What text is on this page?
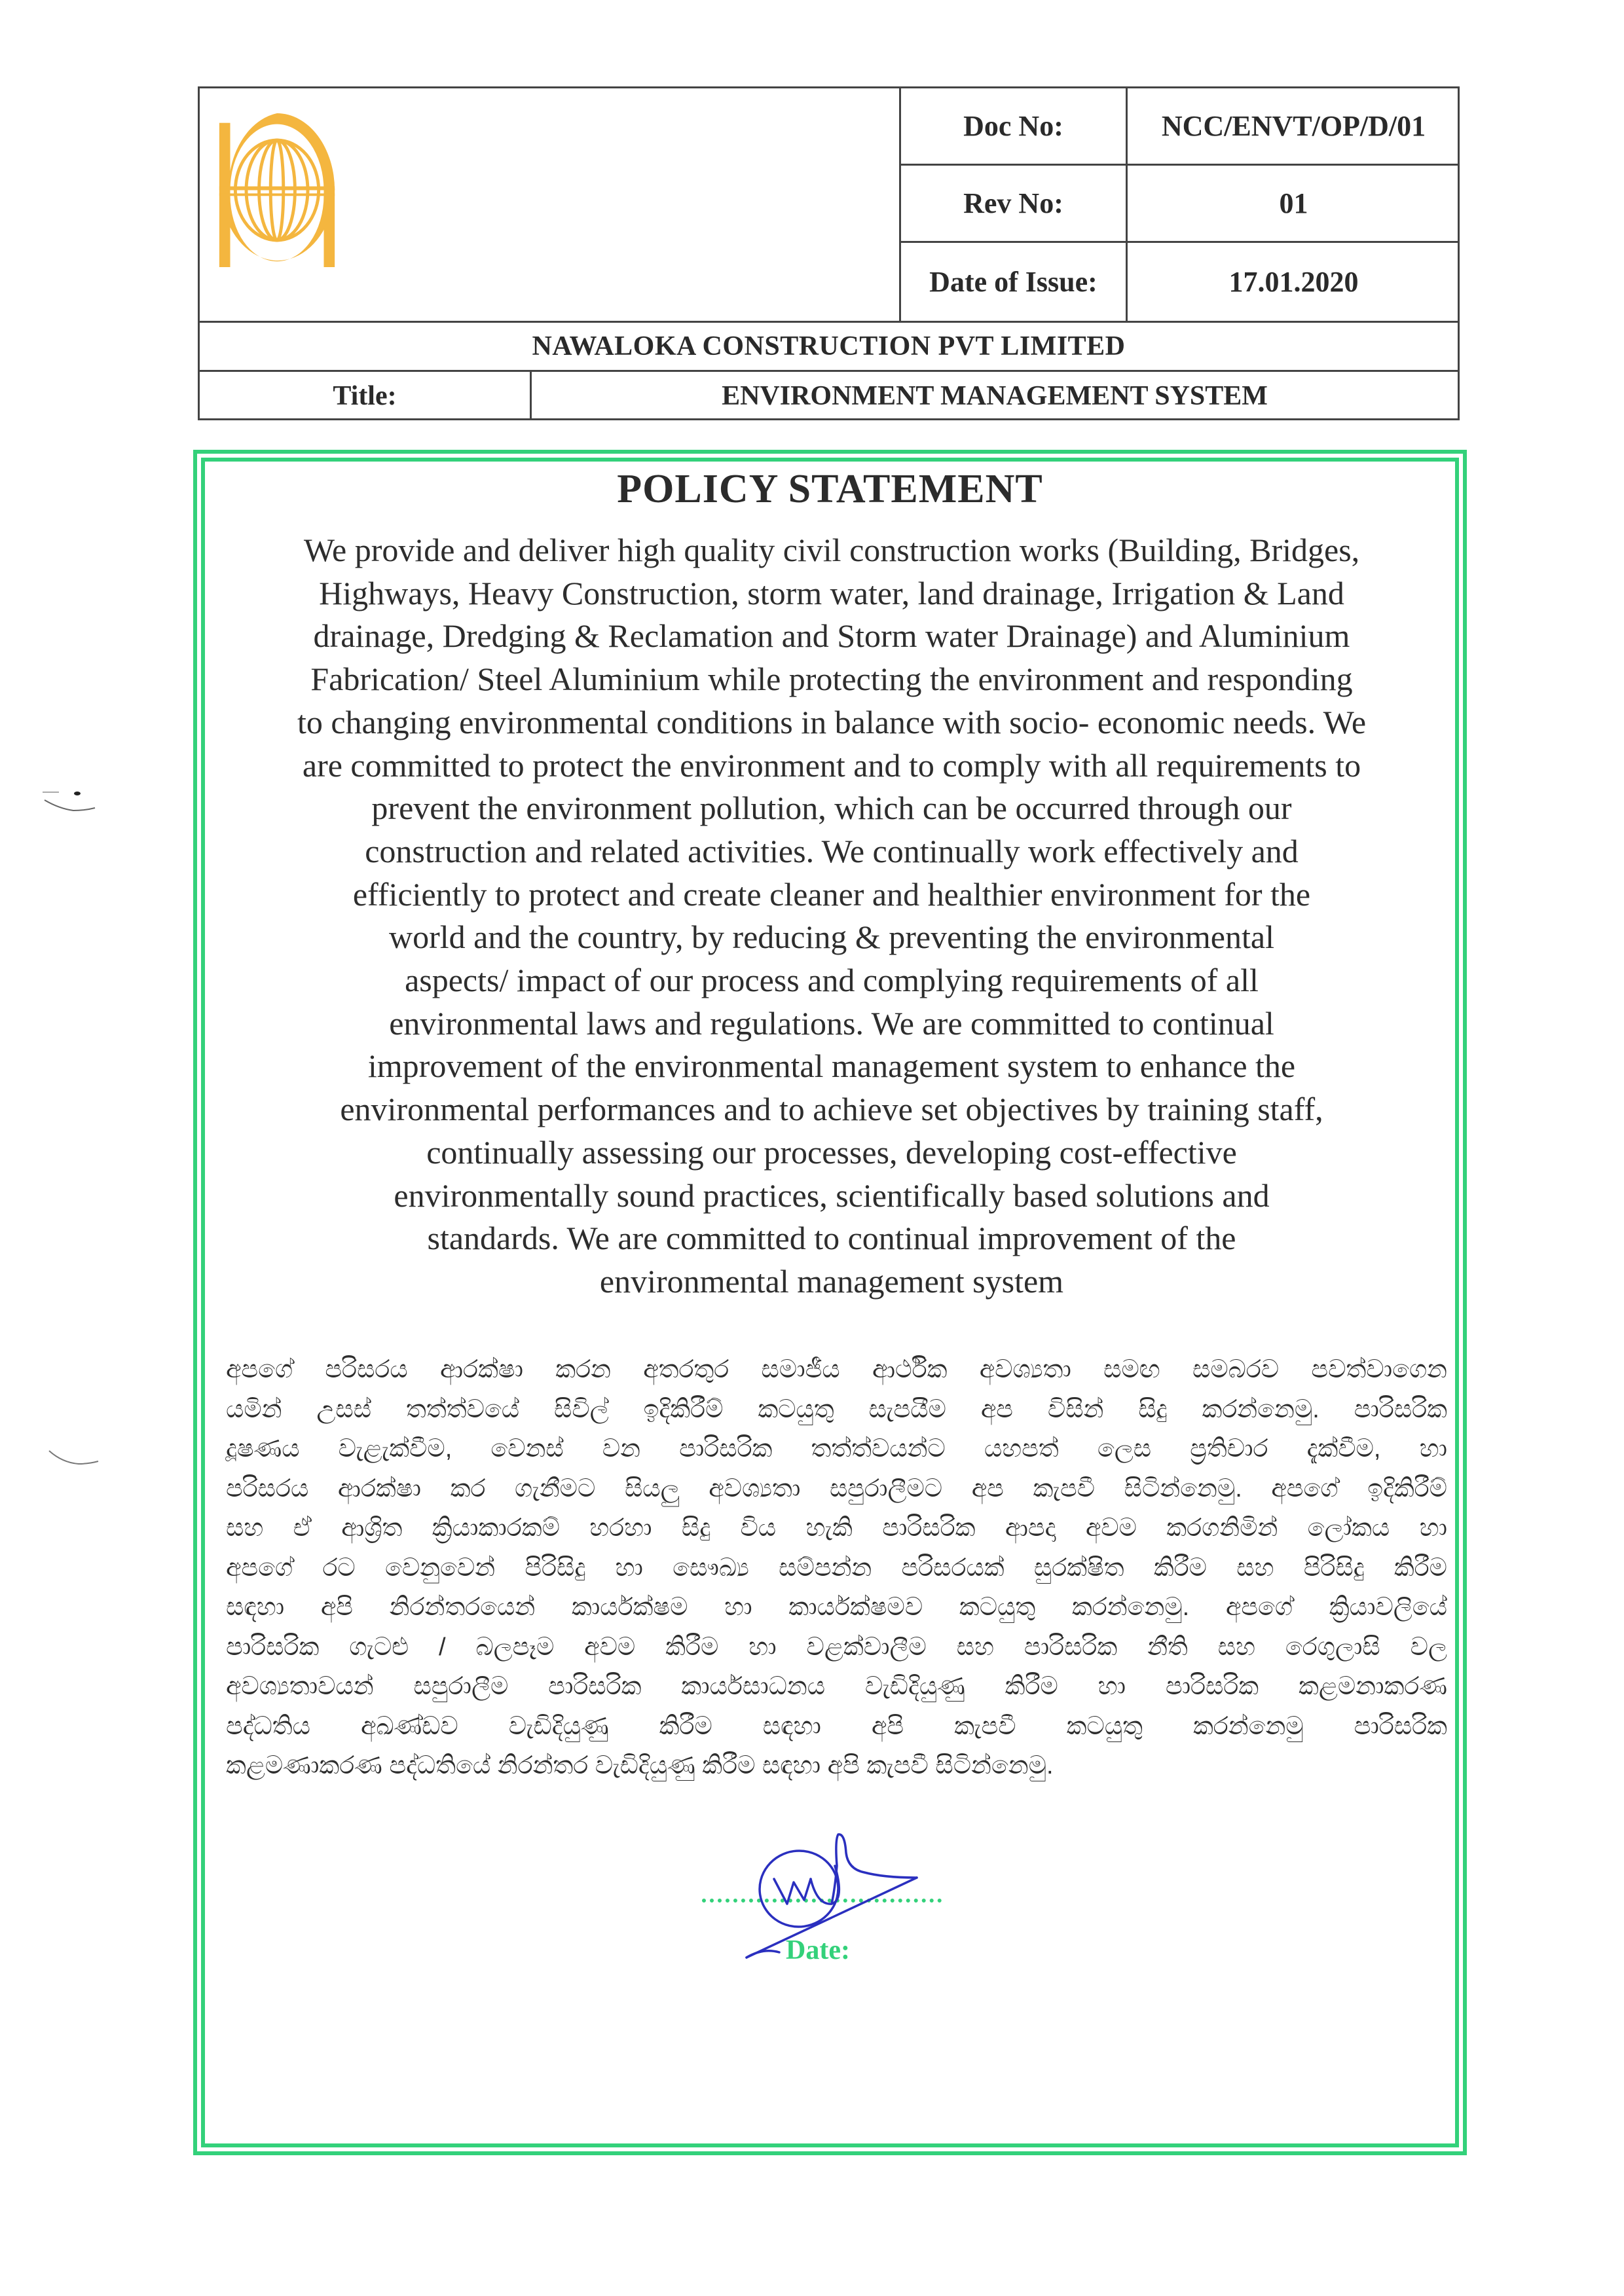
Doc No:	NCC/ENVT/OP/D/01
Rev No:	01
Date of Issue:	17.01.2020
NAWALOKA CONSTRUCTION PVT LIMITED
Title:	ENVIRONMENT MANAGEMENT SYSTEM
POLICY STATEMENT
We provide and deliver high quality civil construction works (Building, Bridges,
Highways, Heavy Construction, storm water, land drainage, Irrigation & Land
drainage, Dredging & Reclamation and Storm water Drainage) and Aluminium
Fabrication/ Steel Aluminium while protecting the environment and responding
to changing environmental conditions in balance with socio- economic needs. We
are committed to protect the environment and to comply with all requirements to
prevent the environment pollution, which can be occurred through our
construction and related activities. We continually work effectively and
efficiently to protect and create cleaner and healthier environment for the
world and the country, by reducing & preventing the environmental
aspects/ impact of our process and complying requirements of all
environmental laws and regulations. We are committed to continual
improvement of the environmental management system to enhance the
environmental performances and to achieve set objectives by training staff,
continually assessing our processes, developing cost-effective
environmentally sound practices, scientifically based solutions and
standards. We are committed to continual improvement of the
environmental management system
අපගේ පරිසරය ආරක්ෂා කරන අතරතුර සමාජීය ආර්ථික අවශ්‍යතා සමඟ සමබරව පවත්වාගෙන
යමින් උසස් තත්ත්වයේ සිවිල් ඉදිකිරීම් කටයුතු සැපයීම අප විසින් සිදු කරන්නෙමු. පාරිසරික
දූෂණය වැළැක්වීම, වෙනස් වන පාරිසරික තත්ත්වයන්ට යහපත් ලෙස ප්‍රතිචාර දැක්වීම, හා
පරිසරය ආරක්ෂා කර ගැනීමට සියලු අවශ්‍යතා සපුරාලීමට අප කැපවී සිටින්නෙමු. අපගේ ඉදිකිරීම්
සහ ඒ ආශ්‍රිත ක්‍රියාකාරකම් හරහා සිදු විය හැකි පාරිසරික ආපදා අවම කරගනිමින් ලෝකය හා
අපගේ රට වෙනුවෙන් පිරිසිදු හා සෞඛ්‍ය සම්පන්න පරිසරයක් සුරක්ෂිත කිරීම සහ පිරිසිදු කිරීම
සඳහා අපි නිරන්තරයෙන් කාර්යක්ෂම හා කාර්යක්ෂමව කටයුතු කරන්නෙමු. අපගේ ක්‍රියාවලියේ
පාරිසරික ගැටළු / බලපෑම අවම කිරීම හා වළක්වාලීම සහ පාරිසරික නීති සහ රෙගුලාසි වල
අවශ්‍යතාවයන් සපුරාලීම පාරිසරික කාර්යසාධනය වැඩිදියුණු කිරීම හා පාරිසරික කළමනාකරණ
පද්ධතිය අඛණ්ඩව වැඩිදියුණු කිරීම සඳහා අපි කැපවී කටයුතු කරන්නෙමු පාරිසරික
කළමණාකරණ පද්ධතියේ නිරන්තර වැඩිදියුණු කිරීම සඳහා අපි කැපවී සිටින්නෙමු.
Date:
